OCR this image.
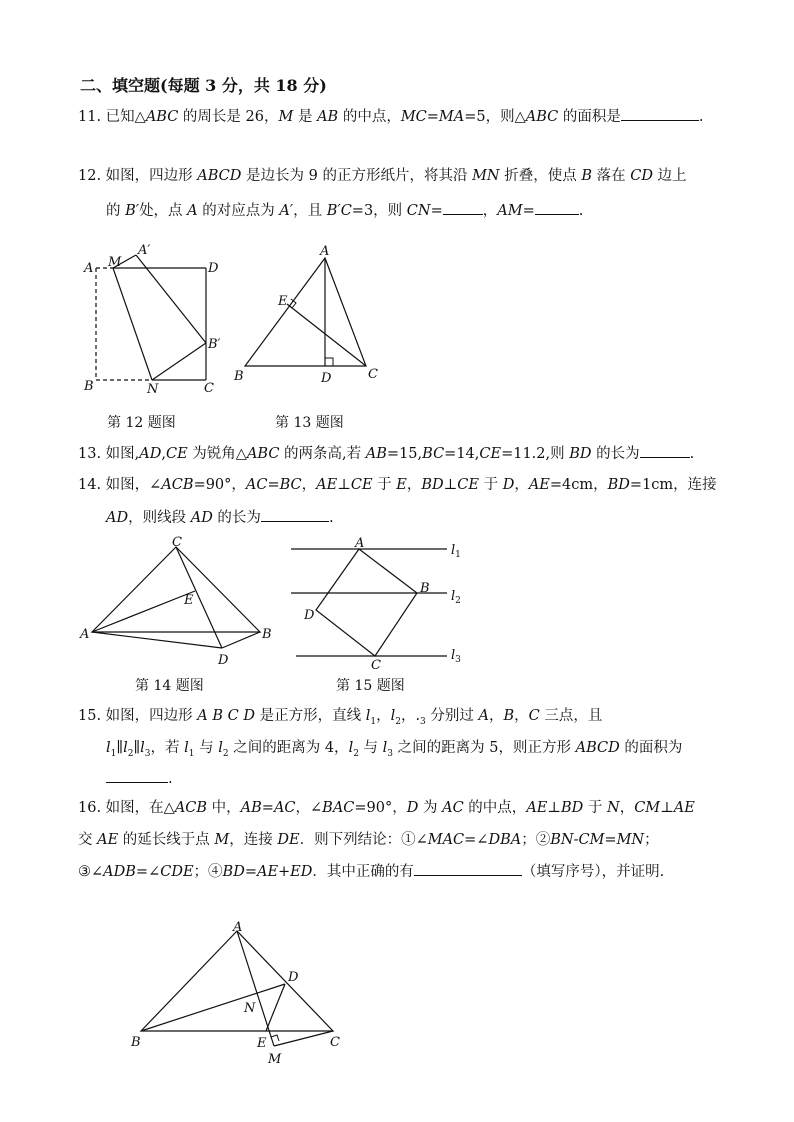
二、填空题(每题 3 分，共 18 分)
11. 已知△ABC 的周长是 26，M 是 AB 的中点，MC=MA=5，则△ABC 的面积是	.
12. 如图，四边形 ABCD 是边长为 9 的正方形纸片，将其沿 MN 折叠，使点 B 落在 CD 边上
的 B′处，点 A 的对应点为 A′，且 B′C=3，则 CN=	，AM=	.
A M
A′
D
B′
B	N	C
A
E
B	D	C
第 12 题图	第 13 题图
13. 如图,AD,CE 为锐角△ABC 的两条高,若 AB=15,BC=14,CE=11.2,则 BD 的长为	.
14. 如图，∠ACB=90°，AC=BC，AE⊥CE 于 E，BD⊥CE 于 D，AE=4cm，BD=1cm，连接
AD，则线段 AD 的长为	.
C
E
A	B
D
A
B
D
C
$l_1$
$l_2$
$l_3$
第 14 题图	第 15 题图
15. 如图，四边形 A B C D 是正方形，直线 $l_1$，$l_2$，$._3$ 分别过 A，B，C 三点，且
$l_1\parallel l_2\parallel l_3$，若 $l_1$ 与 $l_2$ 之间的距离为 4，$l_2$ 与 $l_3$ 之间的距离为 5，则正方形 ABCD 的面积为
.
16. 如图，在△ACB 中，AB=AC，∠BAC=90°，D 为 AC 的中点，AE⊥BD 于 N，CM⊥AE
交 AE 的延长线于点 M，连接 DE．则下列结论：①∠MAC=∠DBA；②BN-CM=MN；
③∠ADB=∠CDE；④BD=AE+ED．其中正确的有	（填写序号），并证明.
A
D
N
B	E	C
M
